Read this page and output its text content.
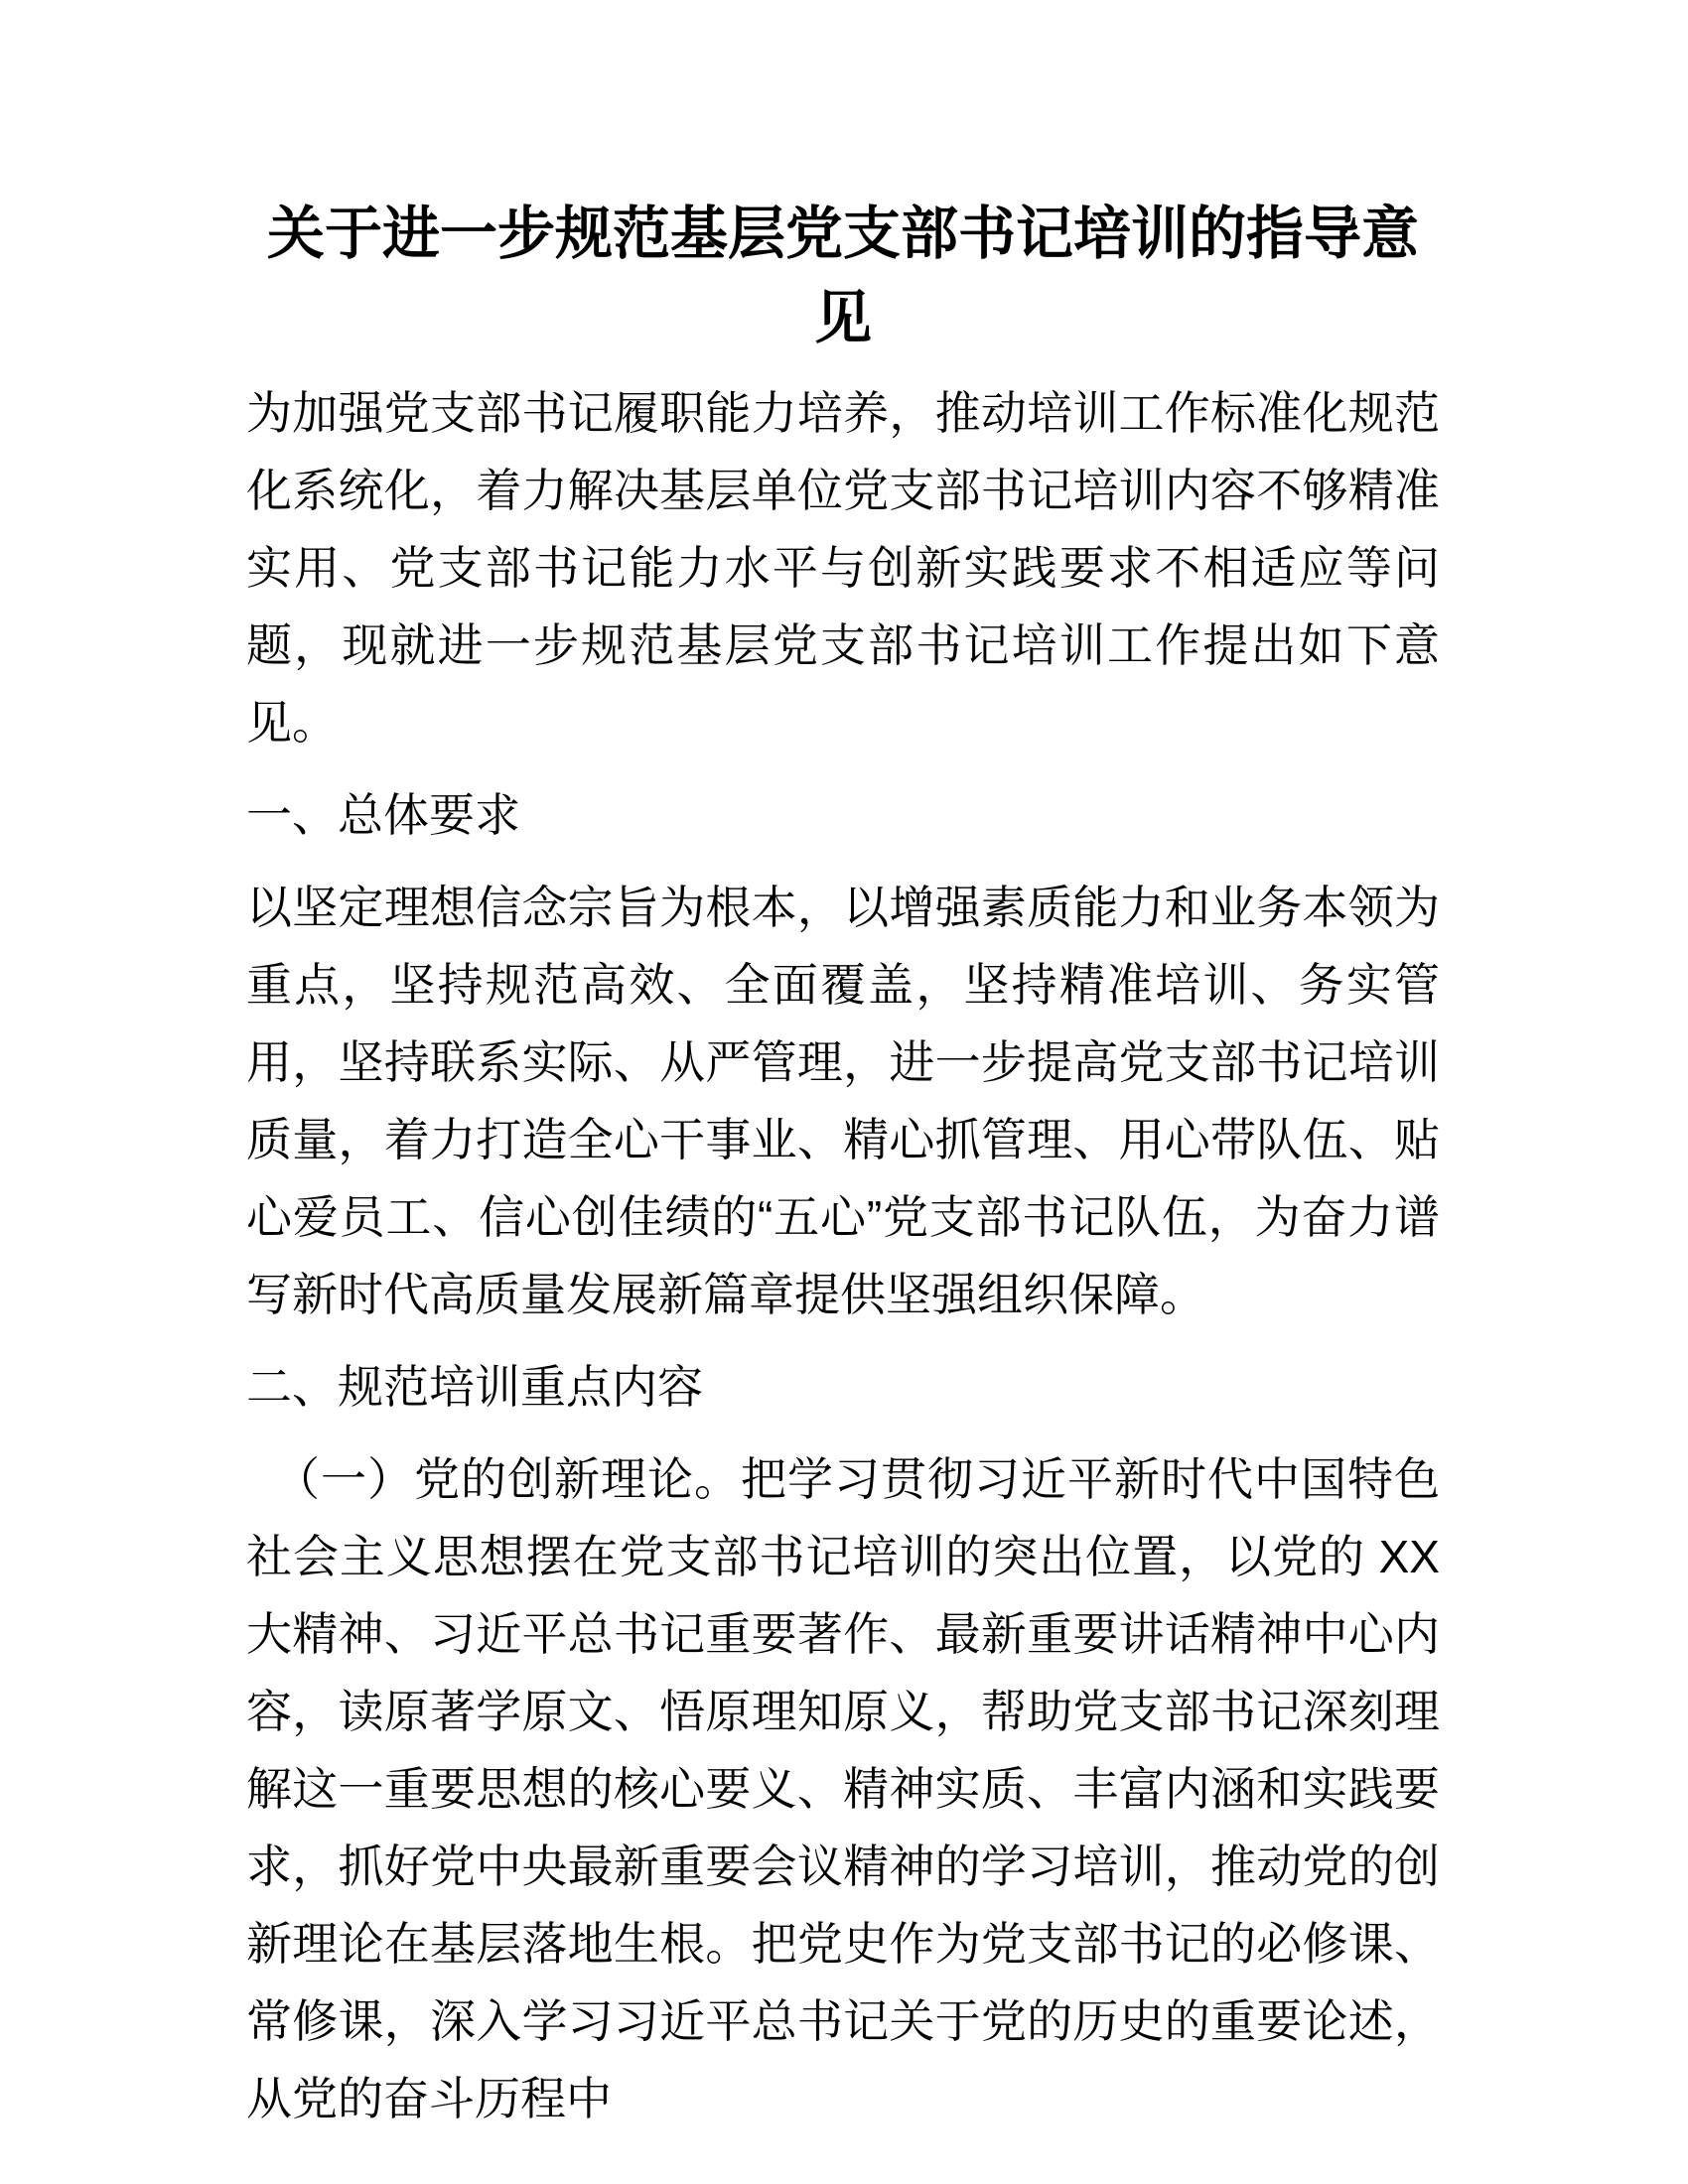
关于进一步规范基层党支部书记培训的指导意见
为加强党支部书记履职能力培养，推动培训工作标准化规范化系统化，着力解决基层单位党支部书记培训内容不够精准实用、党支部书记能力水平与创新实践要求不相适应等问题，现就进一步规范基层党支部书记培训工作提出如下意见。
一、总体要求
以坚定理想信念宗旨为根本，以增强素质能力和业务本领为重点，坚持规范高效、全面覆盖，坚持精准培训、务实管用，坚持联系实际、从严管理，进一步提高党支部书记培训质量，着力打造全心干事业、精心抓管理、用心带队伍、贴心爱员工、信心创佳绩的“五心”党支部书记队伍，为奋力谱写新时代高质量发展新篇章提供坚强组织保障。
二、规范培训重点内容
（一）党的创新理论。把学习贯彻习近平新时代中国特色社会主义思想摆在党支部书记培训的突出位置，以党的 XX 大精神、习近平总书记重要著作、最新重要讲话精神中心内容，读原著学原文、悟原理知原义，帮助党支部书记深刻理解这一重要思想的核心要义、精神实质、丰富内涵和实践要求，抓好党中央最新重要会议精神的学习培训，推动党的创新理论在基层落地生根。把党史作为党支部书记的必修课、常修课，深入学习习近平总书记关于党的历史的重要论述，从党的奋斗历程中
